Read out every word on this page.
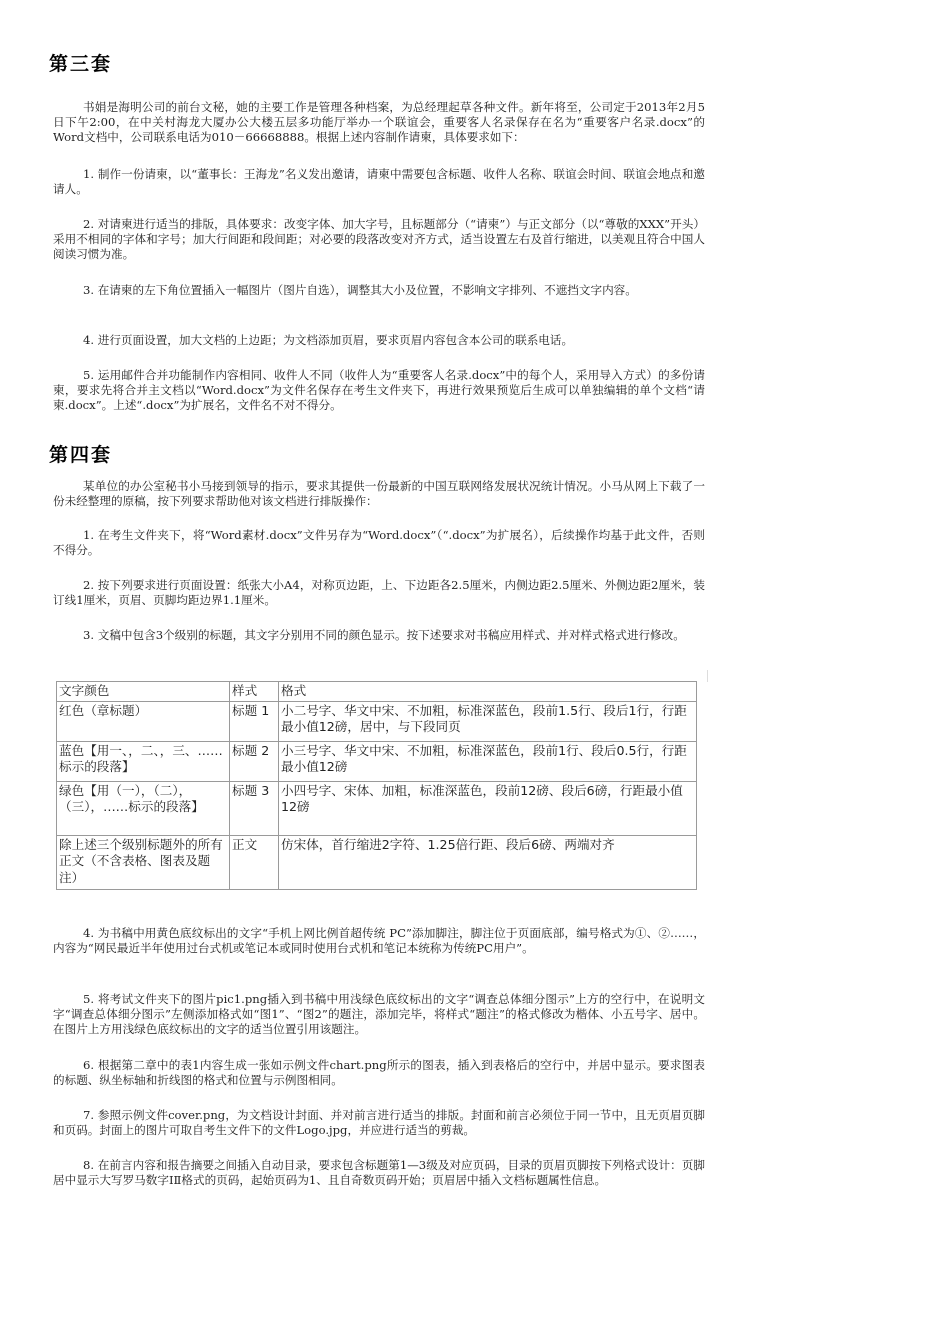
第三套
书娟是海明公司的前台文秘，她的主要工作是管理各种档案，为总经理起草各种文件。新年将至，公司定于2013年2月5日下午2:00，在中关村海龙大厦办公大楼五层多功能厅举办一个联谊会，重要客人名录保存在名为“重要客户名录.docx”的Word文档中，公司联系电话为010－66668888。根据上述内容制作请柬，具体要求如下：
1. 制作一份请柬，以“董事长：王海龙”名义发出邀请，请柬中需要包含标题、收件人名称、联谊会时间、联谊会地点和邀请人。
2. 对请柬进行适当的排版，具体要求：改变字体、加大字号，且标题部分（“请柬”）与正文部分（以“尊敬的XXX”开头）采用不相同的字体和字号；加大行间距和段间距；对必要的段落改变对齐方式，适当设置左右及首行缩进，以美观且符合中国人阅读习惯为准。
3. 在请柬的左下角位置插入一幅图片（图片自选），调整其大小及位置，不影响文字排列、不遮挡文字内容。
4. 进行页面设置，加大文档的上边距；为文档添加页眉，要求页眉内容包含本公司的联系电话。
5. 运用邮件合并功能制作内容相同、收件人不同（收件人为“重要客人名录.docx”中的每个人，采用导入方式）的多份请柬，要求先将合并主文档以“Word.docx”为文件名保存在考生文件夹下，再进行效果预览后生成可以单独编辑的单个文档“请柬.docx”。上述“.docx”为扩展名，文件名不对不得分。
第四套
某单位的办公室秘书小马接到领导的指示，要求其提供一份最新的中国互联网络发展状况统计情况。小马从网上下载了一份未经整理的原稿，按下列要求帮助他对该文档进行排版操作：
1. 在考生文件夹下，将“Word素材.docx”文件另存为“Word.docx”（“.docx”为扩展名），后续操作均基于此文件，否则不得分。
2. 按下列要求进行页面设置：纸张大小A4，对称页边距，上、下边距各2.5厘米，内侧边距2.5厘米、外侧边距2厘米，装订线1厘米，页眉、页脚均距边界1.1厘米。
3. 文稿中包含3个级别的标题，其文字分别用不同的颜色显示。按下述要求对书稿应用样式、并对样式格式进行修改。
文字颜色	样式	格式
红色（章标题）	标题 1	小二号字、华文中宋、不加粗，标准深蓝色，段前1.5行、段后1行，行距最小值12磅，居中，与下段同页
蓝色【用一、，二、，三、……标示的段落】	标题 2	小三号字、华文中宋、不加粗，标准深蓝色，段前1行、段后0.5行，行距最小值12磅
绿色【用（一），（二），（三），……标示的段落】	标题 3	小四号字、宋体、加粗，标准深蓝色，段前12磅、段后6磅，行距最小值12磅
除上述三个级别标题外的所有正文（不含表格、图表及题注）	正文	仿宋体，首行缩进2字符、1.25倍行距、段后6磅、两端对齐
4. 为书稿中用黄色底纹标出的文字“手机上网比例首超传统 PC”添加脚注，脚注位于页面底部，编号格式为①、②……，内容为“网民最近半年使用过台式机或笔记本或同时使用台式机和笔记本统称为传统PC用户”。
5. 将考试文件夹下的图片pic1.png插入到书稿中用浅绿色底纹标出的文字“调查总体细分图示”上方的空行中，在说明文字“调查总体细分图示”左侧添加格式如“图1”、“图2”的题注，添加完毕，将样式“题注”的格式修改为楷体、小五号字、居中。在图片上方用浅绿色底纹标出的文字的适当位置引用该题注。
6. 根据第二章中的表1内容生成一张如示例文件chart.png所示的图表，插入到表格后的空行中，并居中显示。要求图表的标题、纵坐标轴和折线图的格式和位置与示例图相同。
7. 参照示例文件cover.png，为文档设计封面、并对前言进行适当的排版。封面和前言必须位于同一节中，且无页眉页脚和页码。封面上的图片可取自考生文件下的文件Logo.jpg，并应进行适当的剪裁。
8. 在前言内容和报告摘要之间插入自动目录，要求包含标题第1—3级及对应页码，目录的页眉页脚按下列格式设计：页脚居中显示大写罗马数字ⅠⅡ格式的页码，起始页码为1、且自奇数页码开始；页眉居中插入文档标题属性信息。
